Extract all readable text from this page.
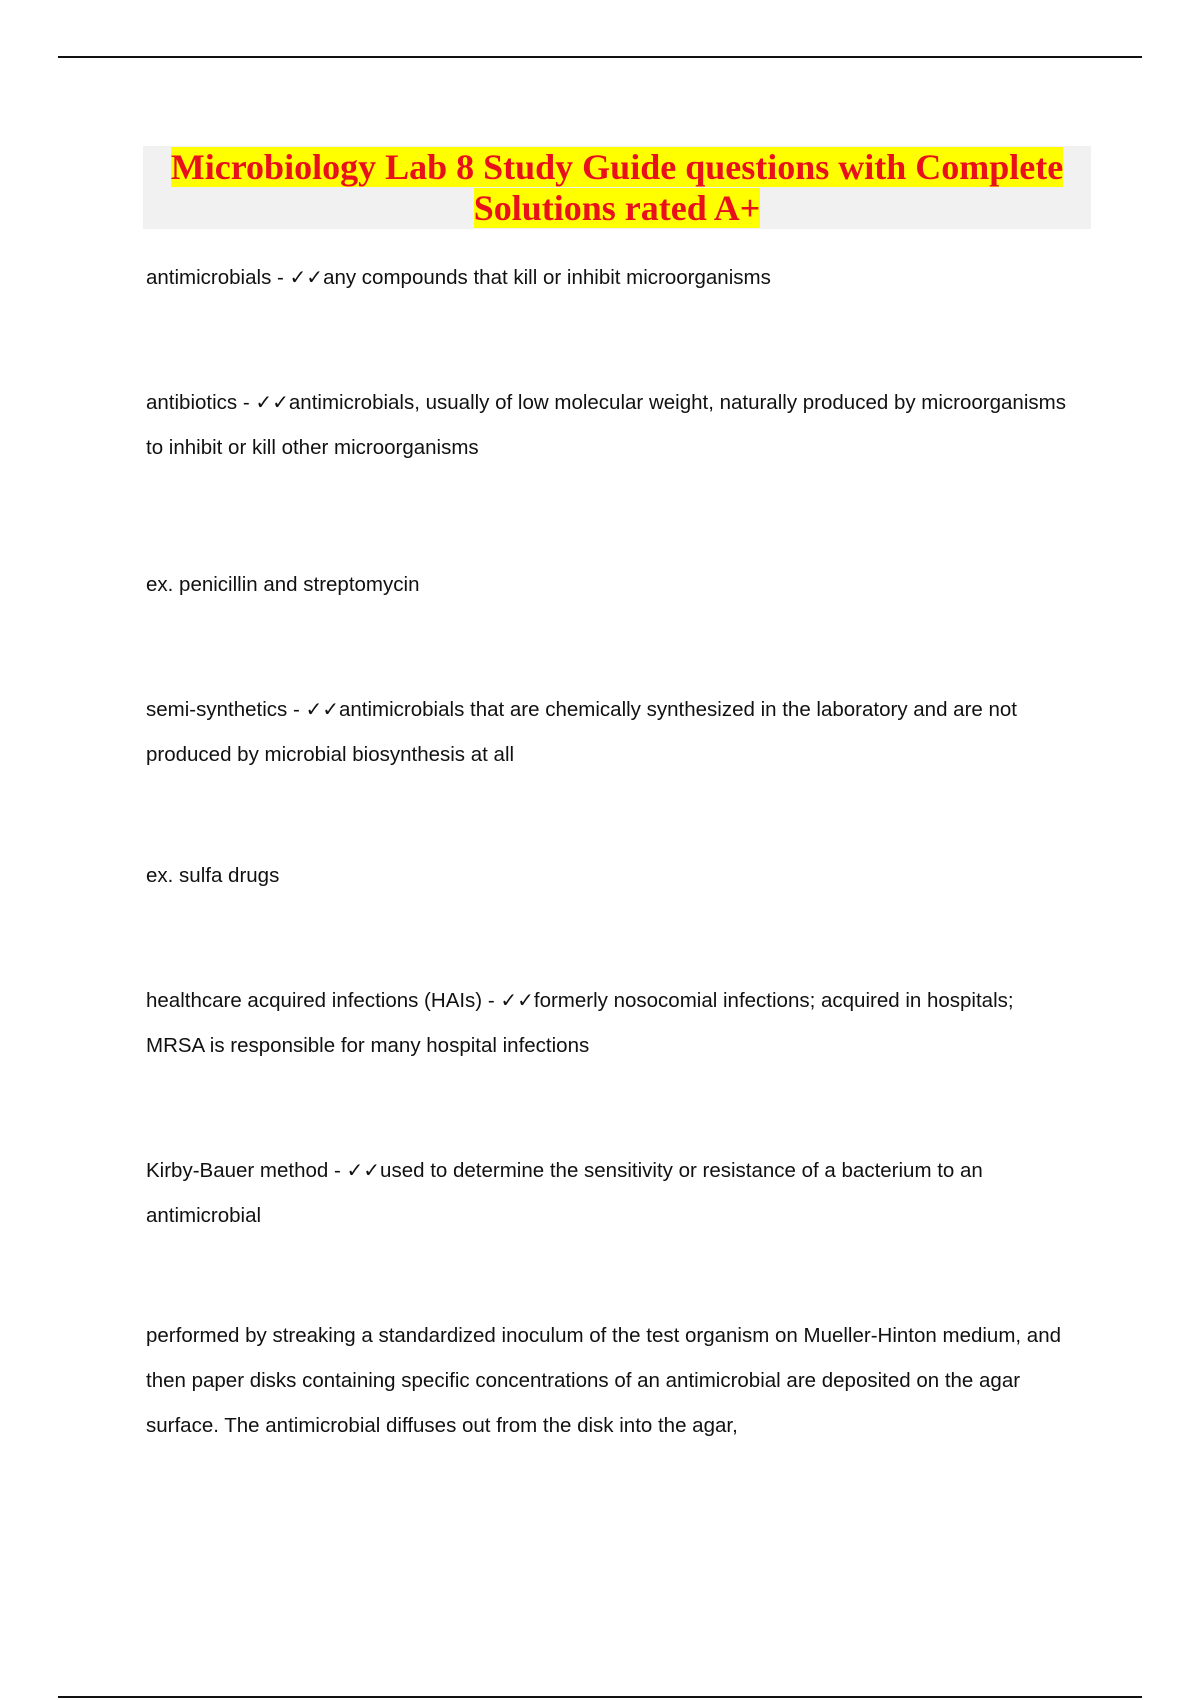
Microbiology Lab 8 Study Guide questions with Complete
Solutions rated A+

antimicrobials - ✓✓any compounds that kill or inhibit microorganisms

antibiotics - ✓✓antimicrobials, usually of low molecular weight, naturally produced by microorganisms to inhibit or kill other microorganisms

ex. penicillin and streptomycin

semi-synthetics - ✓✓antimicrobials that are chemically synthesized in the laboratory and are not produced by microbial biosynthesis at all

ex. sulfa drugs

healthcare acquired infections (HAIs) - ✓✓formerly nosocomial infections; acquired in hospitals; MRSA is responsible for many hospital infections

Kirby-Bauer method - ✓✓used to determine the sensitivity or resistance of a bacterium to an antimicrobial

performed by streaking a standardized inoculum of the test organism on Mueller-Hinton medium, and then paper disks containing specific concentrations of an antimicrobial are deposited on the agar surface. The antimicrobial diffuses out from the disk into the agar,
